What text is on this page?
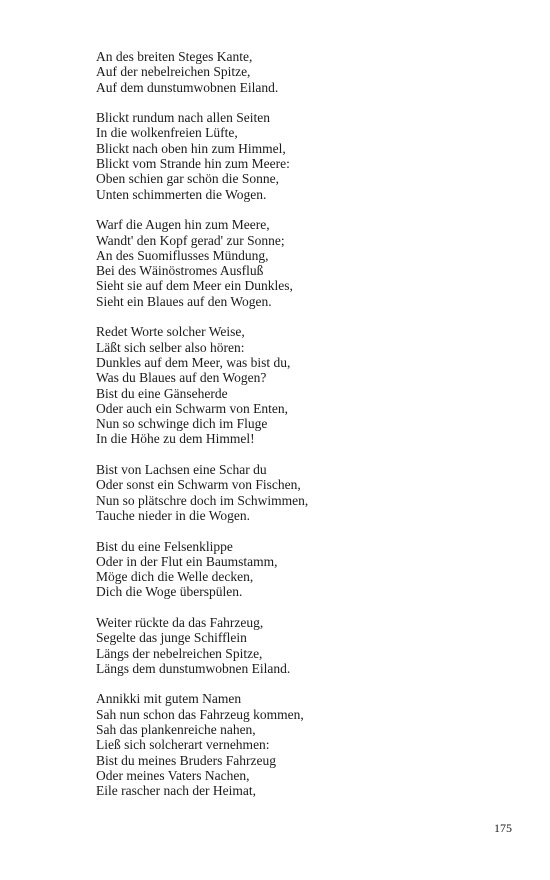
An des breiten Steges Kante,
Auf der nebelreichen Spitze,
Auf dem dunstumwobnen Eiland.
Blickt rundum nach allen Seiten
In die wolkenfreien Lüfte,
Blickt nach oben hin zum Himmel,
Blickt vom Strande hin zum Meere:
Oben schien gar schön die Sonne,
Unten schimmerten die Wogen.
Warf die Augen hin zum Meere,
Wandt' den Kopf gerad' zur Sonne;
An des Suomiflusses Mündung,
Bei des Wäinöstromes Ausfluß
Sieht sie auf dem Meer ein Dunkles,
Sieht ein Blaues auf den Wogen.
Redet Worte solcher Weise,
Läßt sich selber also hören:
Dunkles auf dem Meer, was bist du,
Was du Blaues auf den Wogen?
Bist du eine Gänseherde
Oder auch ein Schwarm von Enten,
Nun so schwinge dich im Fluge
In die Höhe zu dem Himmel!
Bist von Lachsen eine Schar du
Oder sonst ein Schwarm von Fischen,
Nun so plätschre doch im Schwimmen,
Tauche nieder in die Wogen.
Bist du eine Felsenklippe
Oder in der Flut ein Baumstamm,
Möge dich die Welle decken,
Dich die Woge überspülen.
Weiter rückte da das Fahrzeug,
Segelte das junge Schifflein
Längs der nebelreichen Spitze,
Längs dem dunstumwobnen Eiland.
Annikki mit gutem Namen
Sah nun schon das Fahrzeug kommen,
Sah das plankenreiche nahen,
Ließ sich solcherart vernehmen:
Bist du meines Bruders Fahrzeug
Oder meines Vaters Nachen,
Eile rascher nach der Heimat,
175
